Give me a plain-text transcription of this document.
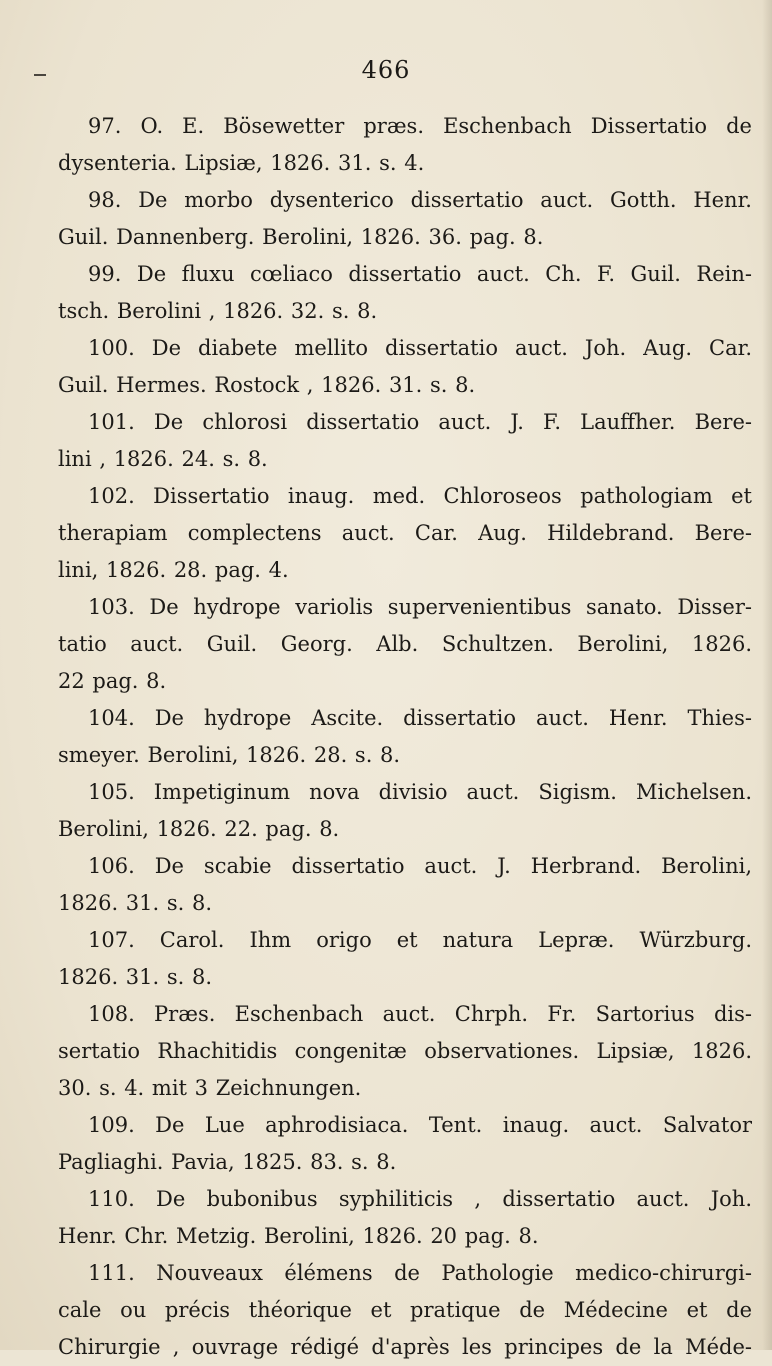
466
97. O. E. Bösewetter præs. Eschenbach Dissertatio de
dysenteria. Lipsiæ, 1826. 31. s. 4.
98. De morbo dysenterico dissertatio auct. Gotth. Henr.
Guil. Dannenberg. Berolini, 1826. 36. pag. 8.
99. De fluxu cœliaco dissertatio auct. Ch. F. Guil. Rein-
tsch. Berolini , 1826. 32. s. 8.
100. De diabete mellito dissertatio auct. Joh. Aug. Car.
Guil. Hermes. Rostock , 1826. 31. s. 8.
101. De chlorosi dissertatio auct. J. F. Lauffher. Bere-
lini , 1826. 24. s. 8.
102. Dissertatio inaug. med. Chloroseos pathologiam et
therapiam complectens auct. Car. Aug. Hildebrand. Bere-
lini, 1826. 28. pag. 4.
103. De hydrope variolis supervenientibus sanato. Disser-
tatio auct. Guil. Georg. Alb. Schultzen. Berolini, 1826.
22 pag. 8.
104. De hydrope Ascite. dissertatio auct. Henr. Thies-
smeyer. Berolini, 1826. 28. s. 8.
105. Impetiginum nova divisio auct. Sigism. Michelsen.
Berolini, 1826. 22. pag. 8.
106. De scabie dissertatio auct. J. Herbrand. Berolini,
1826. 31. s. 8.
107. Carol. Ihm origo et natura Lepræ. Würzburg.
1826. 31. s. 8.
108. Præs. Eschenbach auct. Chrph. Fr. Sartorius dis-
sertatio Rhachitidis congenitæ observationes. Lipsiæ, 1826.
30. s. 4. mit 3 Zeichnungen.
109. De Lue aphrodisiaca. Tent. inaug. auct. Salvator
Pagliaghi. Pavia, 1825. 83. s. 8.
110. De bubonibus syphiliticis , dissertatio auct. Joh.
Henr. Chr. Metzig. Berolini, 1826. 20 pag. 8.
111. Nouveaux élémens de Pathologie medico-chirurgi-
cale ou précis théorique et pratique de Médecine et de
Chirurgie , ouvrage rédigé d'après les principes de la Méde-
